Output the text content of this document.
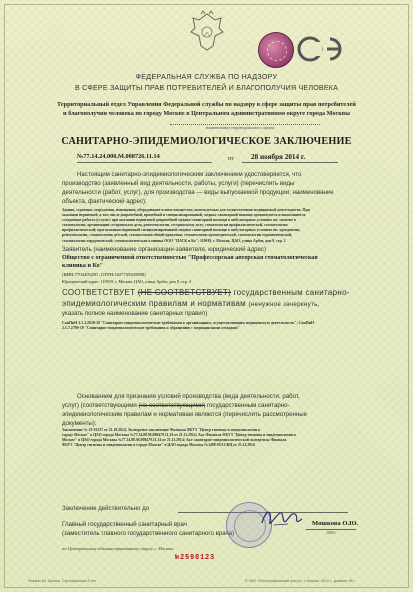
ФЕДЕРАЛЬНАЯ СЛУЖБА ПО НАДЗОРУ
В СФЕРЕ ЗАЩИТЫ ПРАВ ПОТРЕБИТЕЛЕЙ И БЛАГОПОЛУЧИЯ ЧЕЛОВЕКА
Территориальный отдел Управления Федеральной службы по надзору в сфере защиты прав потребителей
и благополучия человека по городу Москве в Центральном административном округе города Москвы
наименование территориального органа
САНИТАРНО-ЭПИДЕМИОЛОГИЧЕСКОЕ ЗАКЛЮЧЕНИЕ
№77.14.24.000.М.008726.11.14	от 28 ноября 2014 г.
Настоящим санитарно-эпидемиологическим заключением удостоверяется, что
производство (заявленный вид деятельности, работы, услуги) (перечислить виды
деятельности (работ, услуг), для производства — виды выпускаемой продукции; наименование
объекта, фактический адрес):
Здания, строения, сооружения, помещения, оборудование и иное имущество, используемые для осуществления медицинской деятельности. При
оказании первичной, в том числе доврачебной, врачебной и специализированной, медико-санитарной помощи организуются и выполняются
следующие работы (услуги): при оказании первичной доврачебной медико-санитарной помощи в амбулаторных условиях по: гигиене в
стоматологии, организации сестринского дела, рентгенологии, сестринскому делу, стоматологии профилактической, стоматологии
профилактической; при оказании первичной специализированной медико-санитарной помощи в амбулаторных условиях по: ортодонтии,
рентгенологии, стоматологии детской, стоматологии общей практики, стоматологии ортопедической, стоматологии терапевтической,
стоматологии хирургической; стоматологическая клиника ООО "ПАСК и Ко"; 119019, г. Москва, ЦАО, улица Арбат, дом 9, стр. 2
Заявитель (наименование организации-заявителя, юридический адрес)
Общество с ограниченной ответственностью "Профессорская авторская стоматологическая
клиника и Ко"
(ИНН:7704205250 , ОГРН:1027739435888)
Юридический адрес: 119019, г. Москва, ЦАО, улица Арбат, дом 9, стр. 2
СООТВЕТСТВУЕТ (НЕ СООТВЕТСТВУЕТ) государственным санитарно-
эпидемиологическим правилам и нормативам (ненужное зачеркнуть,
указать полное наименование санитарных правил)
СанПиН 2.1.3.2630-10 "Санитарно-эпидемиологические требования к организациям, осуществляющим медицинскую деятельность"; СанПиН
2.1.7.2790-10 "Санитарно-эпидемиологические требования к обращению с медицинскими отходами"
Основанием для признания условий производства (вида деятельности, работ,
услуг) (соответствующими (не соответствующими) государственным санитарно-
эпидемиологическим правилам и нормативам являются (перечислить рассмотренные
документы):
Заключение № 23-01357 от 21.10.2014, Экспертное заключение Филиала ФБУЗ "Центр гигиены и эпидемиологии в
городе Москве" в ЦАО города Москвы №77.14.08.М.008479.11.14 от 21.11.2014; Акт Филиала ФБУЗ "Центр гигиены и эпидемиологии в
Москве" в ЦАО города Москвы №77.14.08.М.008479.11.14 от 21.11.2014; Акт санитарно-эпидемиологической экспертизы Филиала
ФБУЗ "Центр гигиены и эпидемиологии в городе Москве" в ЦАО города Москвы №1498-05/13/КЦ от 21.11.2014
Заключение действительно до
Главный государственный санитарный врач
(заместитель главного государственного санитарного врача)
по Центральному административному округу г. Москвы
Мошкова О.Ю.
ФИО
№2598123
Формат А4. Бумага. Сертификация 5 лет	© ЗАО «Полиграфический центр», г. Москва, 2014 г., уровень «В»
